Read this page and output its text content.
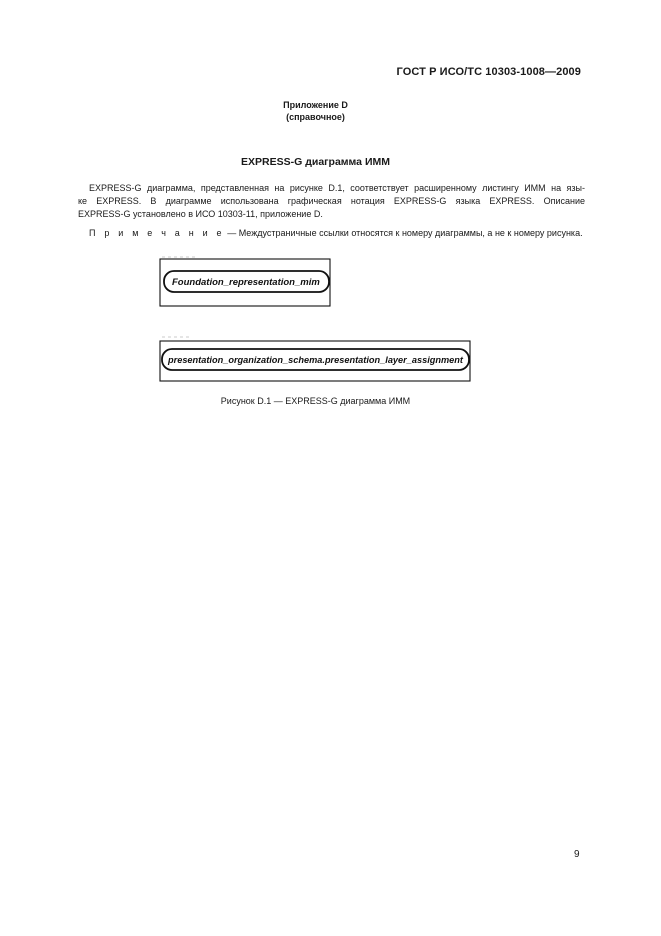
ГОСТ Р ИСО/ТС 10303-1008—2009
Приложение D
(справочное)
EXPRESS-G диаграмма ИММ
EXPRESS-G диаграмма, представленная на рисунке D.1, соответствует расширенному листингу ИММ на язы-
ке EXPRESS. В диаграмме использована графическая нотация EXPRESS-G языка EXPRESS. Описание
EXPRESS-G установлено в ИСО 10303-11, приложение D.
П р и м е ч а н и е — Междустраничные ссылки относятся к номеру диаграммы, а не к номеру рисунка.
Foundation_representation_mim
presentation_organization_schema.presentation_layer_assignment
Рисунок D.1 — EXPRESS-G диаграмма ИММ
9
